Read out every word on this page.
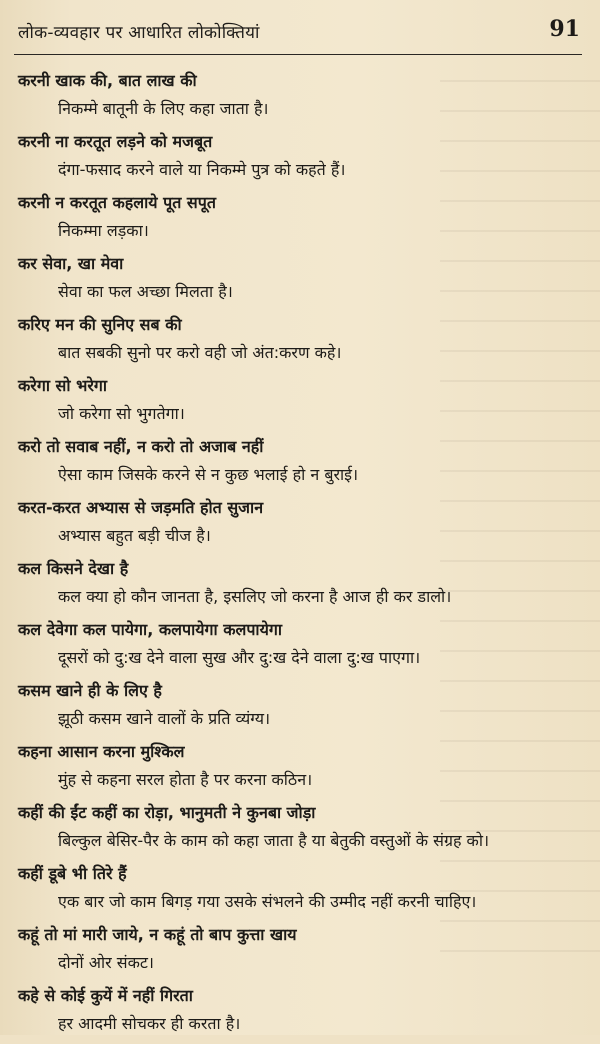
लोक-व्यवहार पर आधारित लोकोक्तियां	91
करनी खाक की, बात लाख की
निकम्मे बातूनी के लिए कहा जाता है।
करनी ना करतूत लड़ने को मजबूत
दंगा-फसाद करने वाले या निकम्मे पुत्र को कहते हैं।
करनी न करतूत कहलाये पूत सपूत
निकम्मा लड़का।
कर सेवा, खा मेवा
सेवा का फल अच्छा मिलता है।
करिए मन की सुनिए सब की
बात सबकी सुनो पर करो वही जो अंत:करण कहे।
करेगा सो भरेगा
जो करेगा सो भुगतेगा।
करो तो सवाब नहीं, न करो तो अजाब नहीं
ऐसा काम जिसके करने से न कुछ भलाई हो न बुराई।
करत-करत अभ्यास से जड़मति होत सुजान
अभ्यास बहुत बड़ी चीज है।
कल किसने देखा है
कल क्या हो कौन जानता है, इसलिए जो करना है आज ही कर डालो।
कल देवेगा कल पायेगा, कलपायेगा कलपायेगा
दूसरों को दु:ख देने वाला सुख और दु:ख देने वाला दु:ख पाएगा।
कसम खाने ही के लिए है
झूठी कसम खाने वालों के प्रति व्यंग्य।
कहना आसान करना मुश्किल
मुंह से कहना सरल होता है पर करना कठिन।
कहीं की ईंट कहीं का रोड़ा, भानुमती ने कुनबा जोड़ा
बिल्कुल बेसिर-पैर के काम को कहा जाता है या बेतुकी वस्तुओं के संग्रह को।
कहीं डूबे भी तिरे हैं
एक बार जो काम बिगड़ गया उसके संभलने की उम्मीद नहीं करनी चाहिए।
कहूं तो मां मारी जाये, न कहूं तो बाप कुत्ता खाय
दोनों ओर संकट।
कहे से कोई कुयें में नहीं गिरता
हर आदमी सोचकर ही करता है।
